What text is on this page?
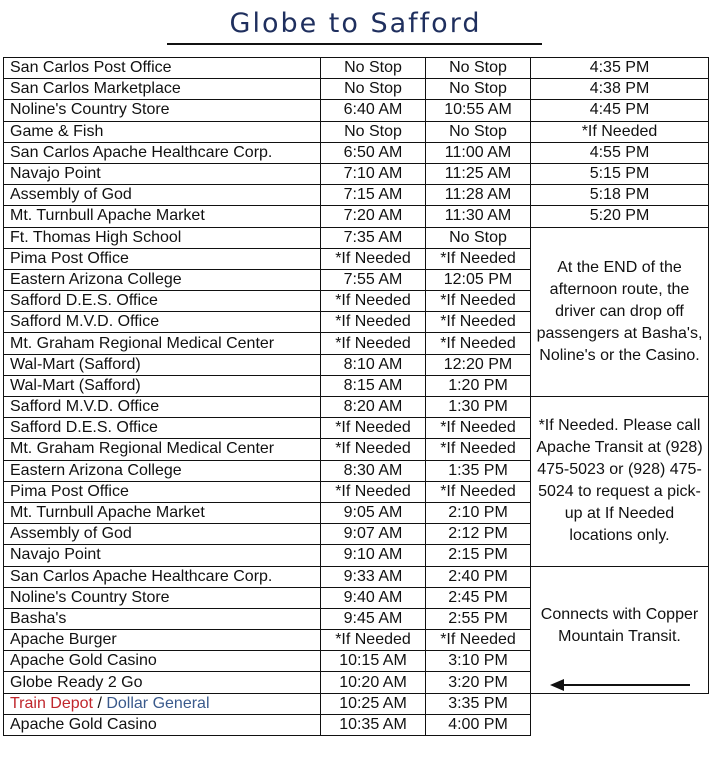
Globe to Safford
San Carlos Post Office	No Stop	No Stop	4:35 PM
San Carlos Marketplace	No Stop	No Stop	4:38 PM
Noline's Country Store	6:40 AM	10:55 AM	4:45 PM
Game & Fish	No Stop	No Stop	*If Needed
San Carlos Apache Healthcare Corp.	6:50 AM	11:00 AM	4:55 PM
Navajo Point	7:10 AM	11:25 AM	5:15 PM
Assembly of God	7:15 AM	11:28 AM	5:18 PM
Mt. Turnbull Apache Market	7:20 AM	11:30 AM	5:20 PM
Ft. Thomas High School	7:35 AM	No Stop	At the END of the afternoon route, the driver can drop off passengers at Basha's, Noline's or the Casino.

Pima Post Office	*If Needed	*If Needed	
Eastern Arizona College	7:55 AM	12:05 PM	
Safford D.E.S. Office	*If Needed	*If Needed	
Safford M.V.D. Office	*If Needed	*If Needed	
Mt. Graham Regional Medical Center	*If Needed	*If Needed	
Wal-Mart (Safford)	8:10 AM	12:20 PM	
Wal-Mart (Safford)	8:15 AM	1:20 PM	
Safford M.V.D. Office	8:20 AM	1:30 PM	*If Needed. Please call Apache Transit at (928) 475-5023 or (928) 475-5024 to request a pick-up at If Needed locations only.

Safford D.E.S. Office	*If Needed	*If Needed	
Mt. Graham Regional Medical Center	*If Needed	*If Needed	
Eastern Arizona College	8:30 AM	1:35 PM	
Pima Post Office	*If Needed	*If Needed	
Mt. Turnbull Apache Market	9:05 AM	2:10 PM	
Assembly of God	9:07 AM	2:12 PM	
Navajo Point	9:10 AM	2:15 PM	
San Carlos Apache Healthcare Corp.	9:33 AM	2:40 PM	Connects with Copper Mountain Transit.

Noline's Country Store	9:40 AM	2:45 PM	
Basha's	9:45 AM	2:55 PM	
Apache Burger	*If Needed	*If Needed	
Apache Gold Casino	10:15 AM	3:10 PM	
Globe Ready 2 Go	10:20 AM	3:20 PM	
Train Depot / Dollar General	10:25 AM	3:35 PM	
Apache Gold Casino	10:35 AM	4:00 PM	
